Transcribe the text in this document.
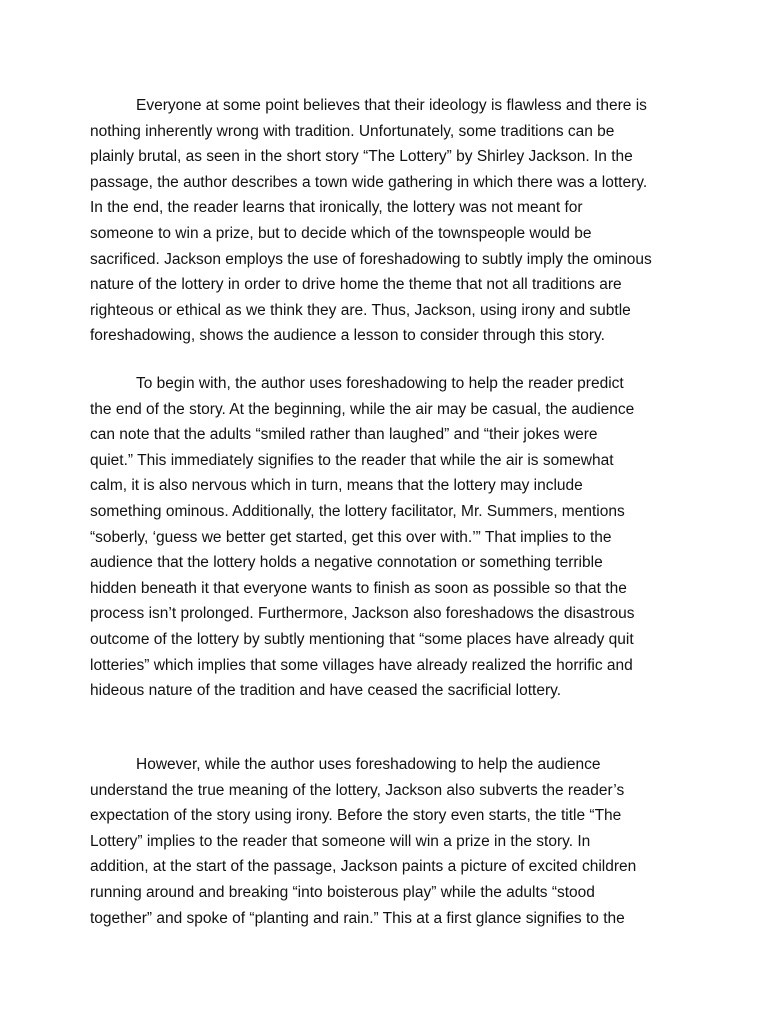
Everyone at some point believes that their ideology is flawless and there is
nothing inherently wrong with tradition. Unfortunately, some traditions can be
plainly brutal, as seen in the short story “The Lottery” by Shirley Jackson. In the
passage, the author describes a town wide gathering in which there was a lottery.
In the end, the reader learns that ironically, the lottery was not meant for
someone to win a prize, but to decide which of the townspeople would be
sacrificed. Jackson employs the use of foreshadowing to subtly imply the ominous
nature of the lottery in order to drive home the theme that not all traditions are
righteous or ethical as we think they are. Thus, Jackson, using irony and subtle
foreshadowing, shows the audience a lesson to consider through this story.
To begin with, the author uses foreshadowing to help the reader predict
the end of the story. At the beginning, while the air may be casual, the audience
can note that the adults “smiled rather than laughed” and “their jokes were
quiet.” This immediately signifies to the reader that while the air is somewhat
calm, it is also nervous which in turn, means that the lottery may include
something ominous. Additionally, the lottery facilitator, Mr. Summers, mentions
“soberly, ‘guess we better get started, get this over with.’” That implies to the
audience that the lottery holds a negative connotation or something terrible
hidden beneath it that everyone wants to finish as soon as possible so that the
process isn’t prolonged. Furthermore, Jackson also foreshadows the disastrous
outcome of the lottery by subtly mentioning that “some places have already quit
lotteries” which implies that some villages have already realized the horrific and
hideous nature of the tradition and have ceased the sacrificial lottery.
However, while the author uses foreshadowing to help the audience
understand the true meaning of the lottery, Jackson also subverts the reader’s
expectation of the story using irony. Before the story even starts, the title “The
Lottery” implies to the reader that someone will win a prize in the story. In
addition, at the start of the passage, Jackson paints a picture of excited children
running around and breaking “into boisterous play” while the adults “stood
together” and spoke of “planting and rain.” This at a first glance signifies to the
